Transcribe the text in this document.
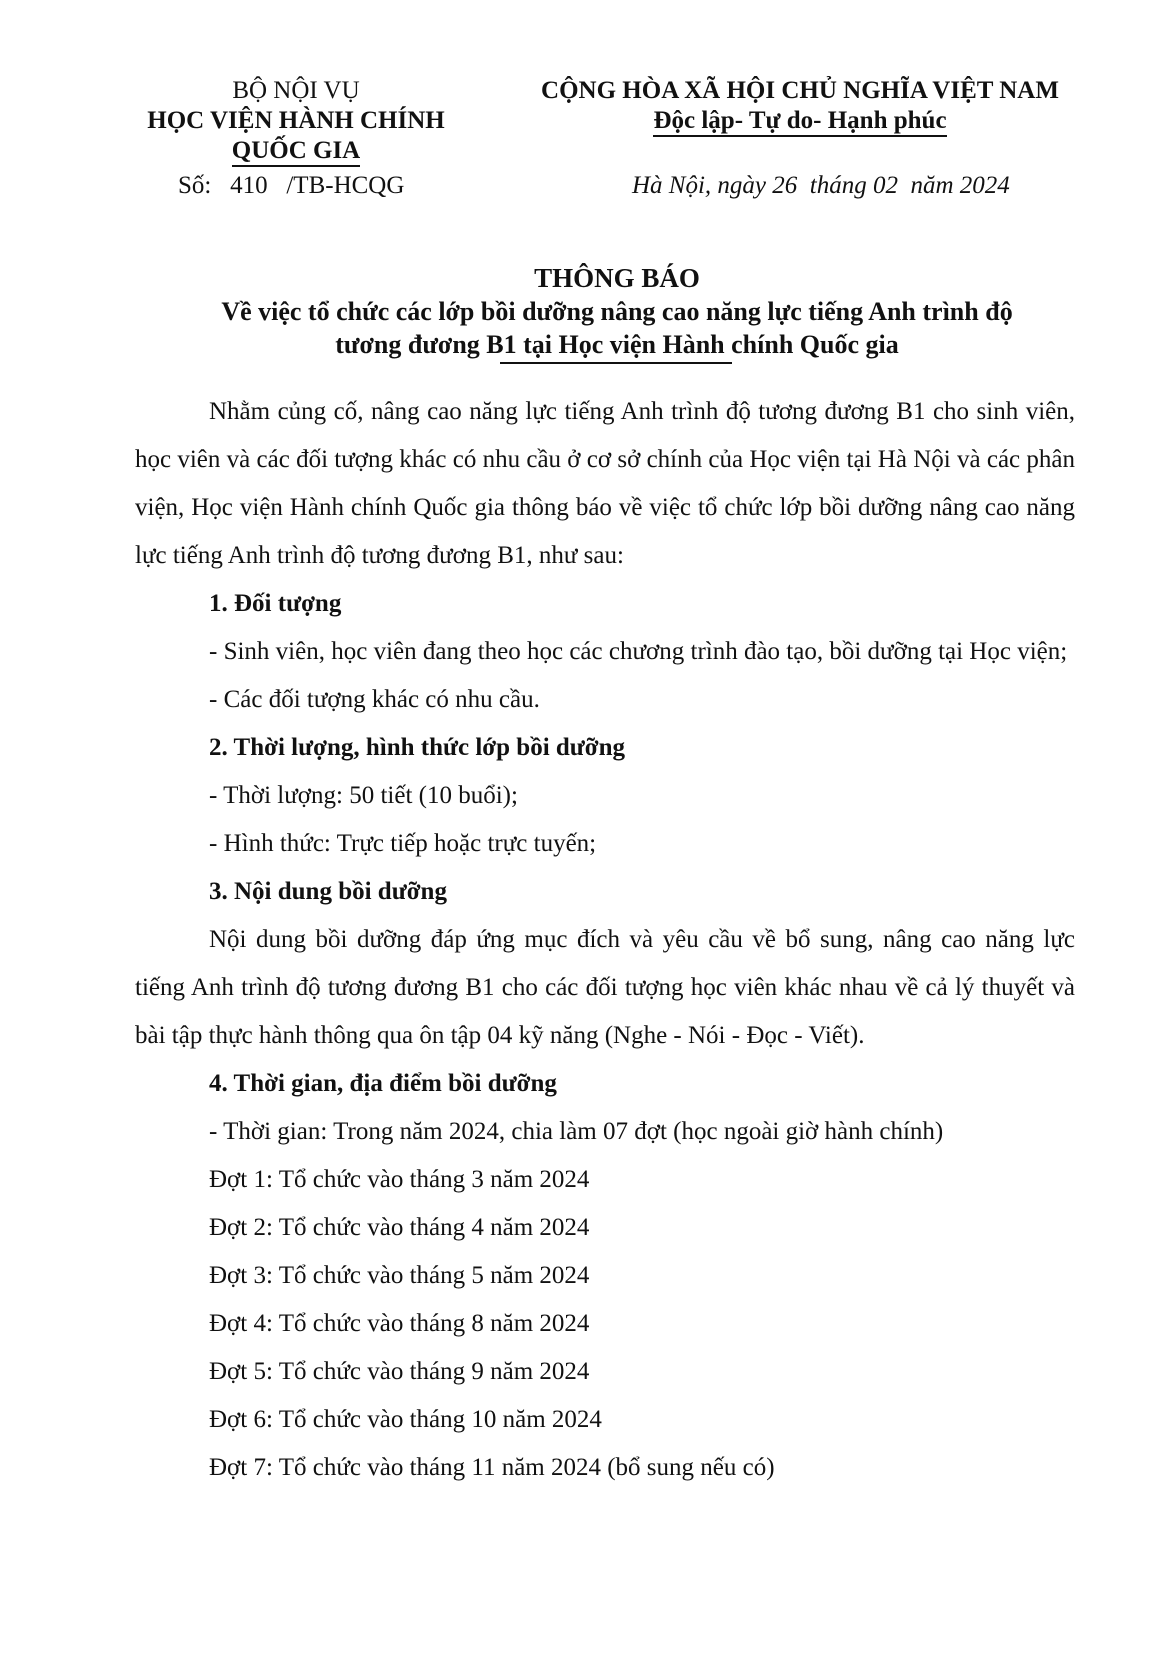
BỘ NỘI VỤ
HỌC VIỆN HÀNH CHÍNH
QUỐC GIA
CỘNG HÒA XÃ HỘI CHỦ NGHĨA VIỆT NAM
Độc lập- Tự do- Hạnh phúc
Số:   410   /TB-HCQG	Hà Nội, ngày 26  tháng 02  năm 2024
THÔNG BÁO
Về việc tổ chức các lớp bồi dưỡng nâng cao năng lực tiếng Anh trình độ
tương đương B1 tại Học viện Hành chính Quốc gia

Nhằm củng cố, nâng cao năng lực tiếng Anh trình độ tương đương B1 cho sinh viên, học viên và các đối tượng khác có nhu cầu ở cơ sở chính của Học viện tại Hà Nội và các phân viện, Học viện Hành chính Quốc gia thông báo về việc tổ chức lớp bồi dưỡng nâng cao năng lực tiếng Anh trình độ tương đương B1, như sau:

1. Đối tượng

- Sinh viên, học viên đang theo học các chương trình đào tạo, bồi dưỡng tại Học viện;

- Các đối tượng khác có nhu cầu.

2. Thời lượng, hình thức lớp bồi dưỡng

- Thời lượng: 50 tiết (10 buổi);

- Hình thức: Trực tiếp hoặc trực tuyến;

3. Nội dung bồi dưỡng

Nội dung bồi dưỡng đáp ứng mục đích và yêu cầu về bổ sung, nâng cao năng lực tiếng Anh trình độ tương đương B1 cho các đối tượng học viên khác nhau về cả lý thuyết và bài tập thực hành thông qua ôn tập 04 kỹ năng (Nghe - Nói - Đọc - Viết).

4. Thời gian, địa điểm bồi dưỡng

- Thời gian: Trong năm 2024, chia làm 07 đợt (học ngoài giờ hành chính)

Đợt 1: Tổ chức vào tháng 3 năm 2024

Đợt 2: Tổ chức vào tháng 4 năm 2024

Đợt 3: Tổ chức vào tháng 5 năm 2024

Đợt 4: Tổ chức vào tháng 8 năm 2024

Đợt 5: Tổ chức vào tháng 9 năm 2024

Đợt 6: Tổ chức vào tháng 10 năm 2024

Đợt 7: Tổ chức vào tháng 11 năm 2024 (bổ sung nếu có)
